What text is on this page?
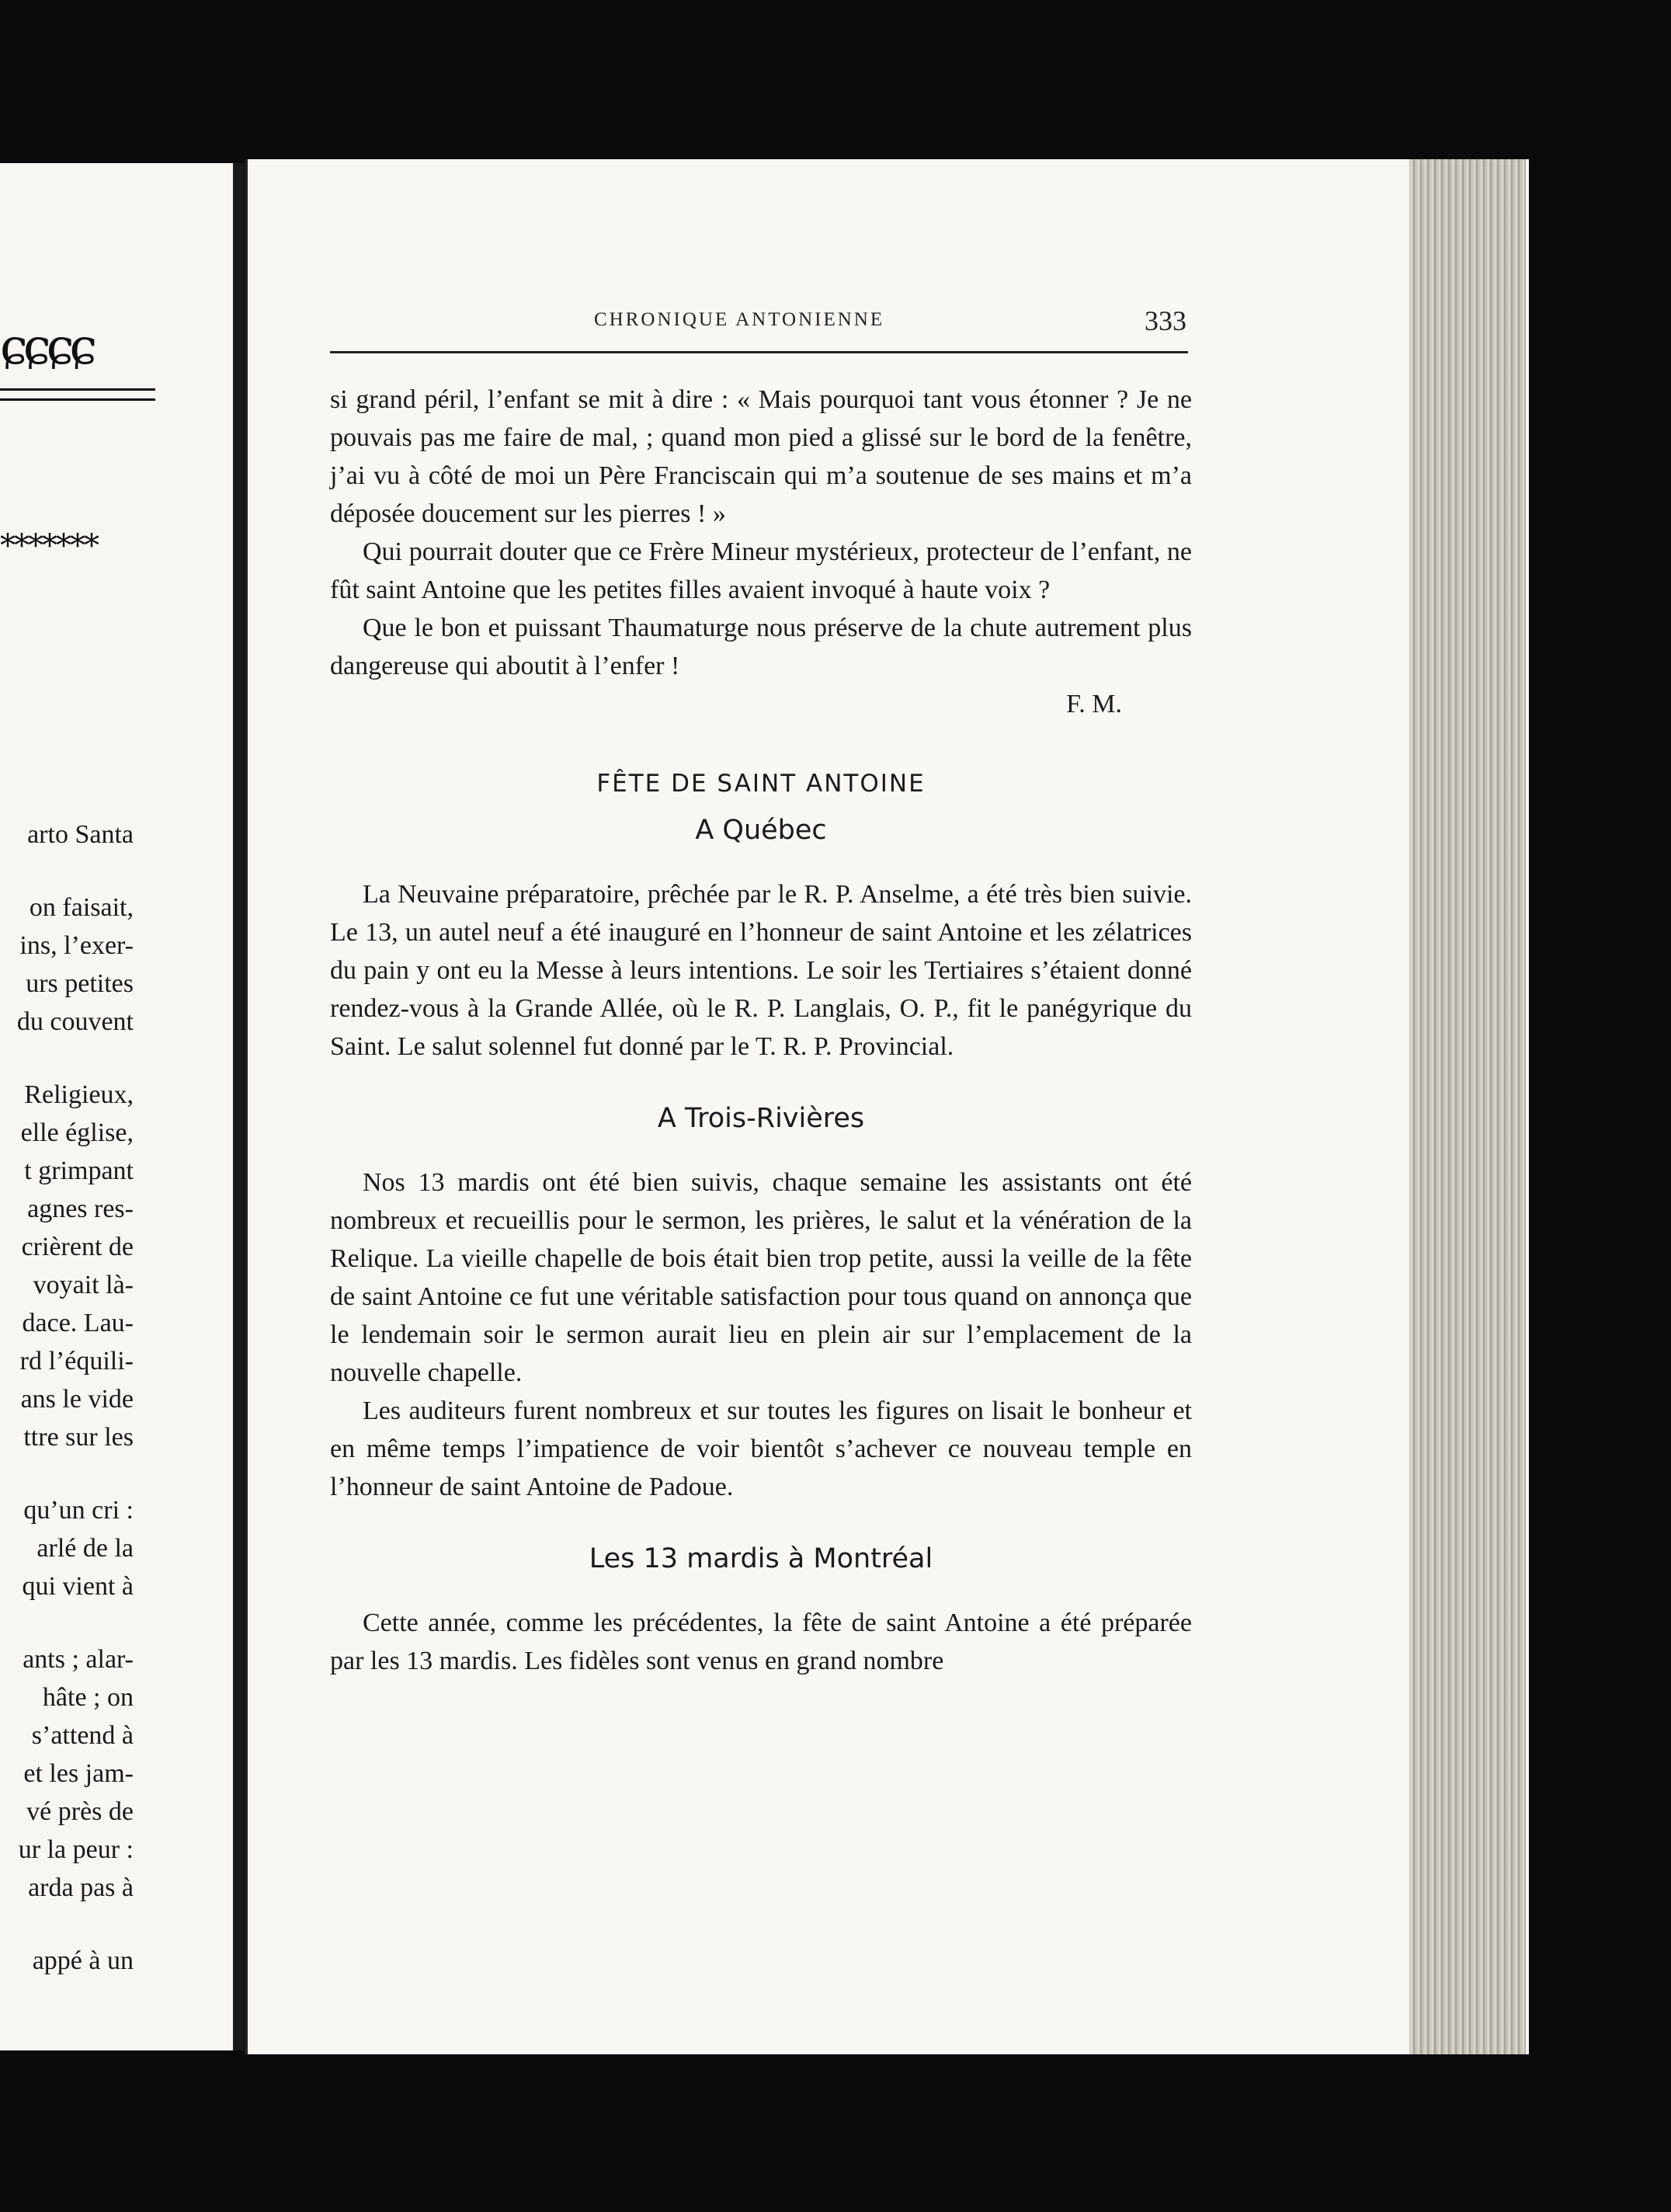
ɕɕɕɕ
*******
arto Santa
on faisait,
ins, l’exer-
urs petites
du couvent
Religieux,
elle église,
t grimpant
agnes res-
crièrent de
voyait là-
dace. Lau-
rd l’équili-
ans le vide
ttre sur les
qu’un cri :
arlé de la
qui vient à
ants ; alar-
hâte ; on
s’attend à
et les jam-
vé près de
ur la peur :
arda pas à
appé à un
CHRONIQUE ANTONIENNE	333

si grand péril, l’enfant se mit à dire : « Mais pourquoi tant vous étonner ? Je ne pouvais pas me faire de mal, ; quand mon pied a glissé sur le bord de la fenêtre, j’ai vu à côté de moi un Père Franciscain qui m’a soutenue de ses mains et m’a déposée doucement sur les pierres ! »

Qui pourrait douter que ce Frère Mineur mystérieux, protecteur de l’enfant, ne fût saint Antoine que les petites filles avaient invoqué à haute voix ?

Que le bon et puissant Thaumaturge nous préserve de la chute autrement plus dangereuse qui aboutit à l’enfer !

F. M.

FÊTE DE SAINT ANTOINE
A Québec

La Neuvaine préparatoire, prêchée par le R. P. Anselme, a été très bien suivie. Le 13, un autel neuf a été inauguré en l’honneur de saint Antoine et les zélatrices du pain y ont eu la Messe à leurs intentions. Le soir les Tertiaires s’étaient donné rendez-vous à la Grande Allée, où le R. P. Langlais, O. P., fit le panégyrique du Saint. Le salut solennel fut donné par le T. R. P. Provincial.

A Trois-Rivières

Nos 13 mardis ont été bien suivis, chaque semaine les assistants ont été nombreux et recueillis pour le sermon, les prières, le salut et la vénération de la Relique. La vieille chapelle de bois était bien trop petite, aussi la veille de la fête de saint Antoine ce fut une véritable satisfaction pour tous quand on annonça que le lendemain soir le sermon aurait lieu en plein air sur l’emplacement de la nouvelle chapelle.

Les auditeurs furent nombreux et sur toutes les figures on lisait le bonheur et en même temps l’impatience de voir bientôt s’achever ce nouveau temple en l’honneur de saint Antoine de Padoue.

Les 13 mardis à Montréal

Cette année, comme les précédentes, la fête de saint Antoine a été préparée par les 13 mardis. Les fidèles sont venus en grand nombre
